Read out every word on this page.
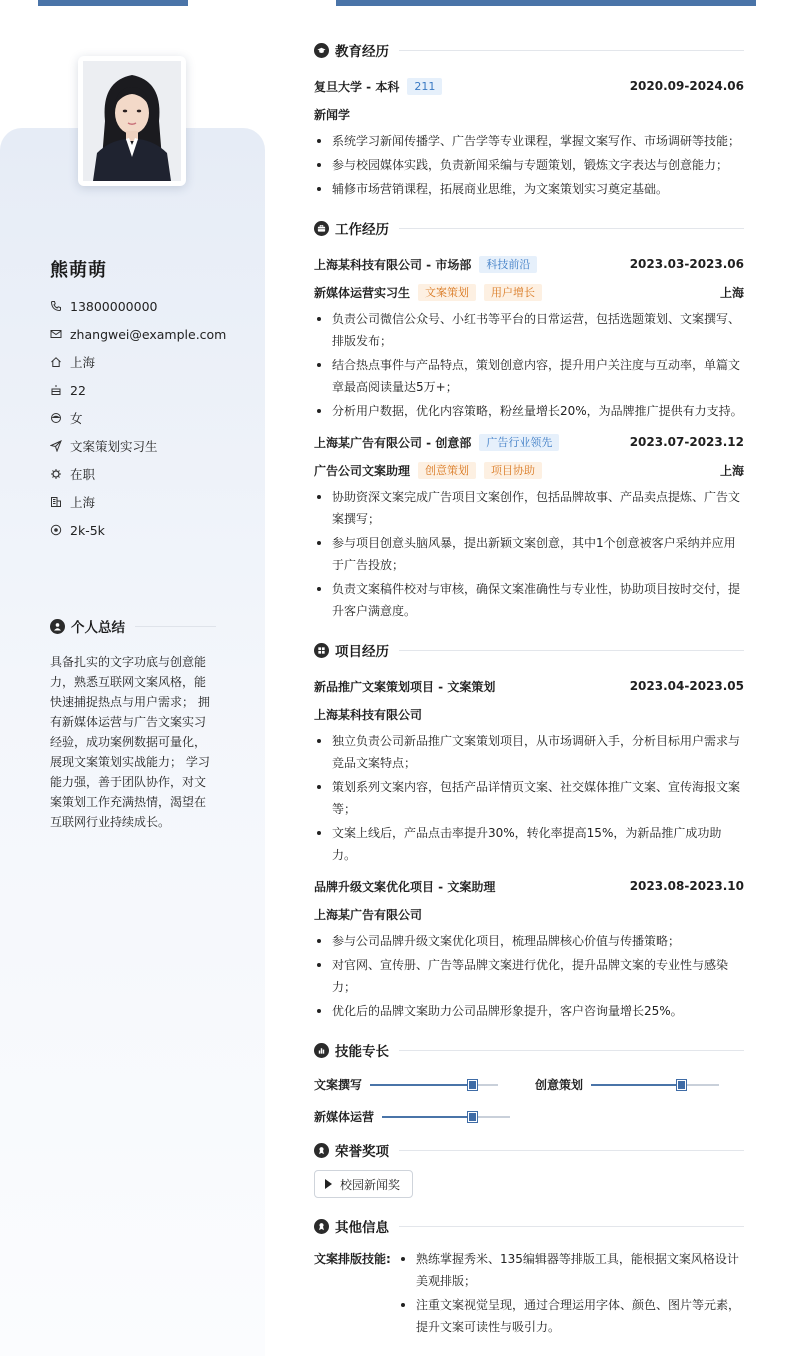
熊萌萌
13800000000
zhangwei@example.com
上海
22
女
文案策划实习生
在职
上海
2k-5k
个人总结
具备扎实的文字功底与创意能力，熟悉互联网文案风格，能快速捕捉热点与用户需求； 拥有新媒体运营与广告文案实习经验，成功案例数据可量化，展现文案策划实战能力； 学习能力强，善于团队协作，对文案策划工作充满热情，渴望在互联网行业持续成长。
教育经历
复旦大学 - 本科	211	2020.09-2024.06
新闻学
系统学习新闻传播学、广告学等专业课程，掌握文案写作、市场调研等技能；
参与校园媒体实践，负责新闻采编与专题策划，锻炼文字表达与创意能力；
辅修市场营销课程，拓展商业思维，为文案策划实习奠定基础。
工作经历
上海某科技有限公司 - 市场部	科技前沿	2023.03-2023.06
新媒体运营实习生	文案策划	用户增长	上海
负责公司微信公众号、小红书等平台的日常运营，包括选题策划、文案撰写、排版发布；
结合热点事件与产品特点，策划创意内容，提升用户关注度与互动率，单篇文章最高阅读量达5万+；
分析用户数据，优化内容策略，粉丝量增长20%，为品牌推广提供有力支持。
上海某广告有限公司 - 创意部	广告行业领先	2023.07-2023.12
广告公司文案助理	创意策划	项目协助	上海
协助资深文案完成广告项目文案创作，包括品牌故事、产品卖点提炼、广告文案撰写；
参与项目创意头脑风暴，提出新颖文案创意，其中1个创意被客户采纳并应用于广告投放；
负责文案稿件校对与审核，确保文案准确性与专业性，协助项目按时交付，提升客户满意度。
项目经历
新品推广文案策划项目 - 文案策划	2023.04-2023.05
上海某科技有限公司
独立负责公司新品推广文案策划项目，从市场调研入手，分析目标用户需求与竞品文案特点；
策划系列文案内容，包括产品详情页文案、社交媒体推广文案、宣传海报文案等；
文案上线后，产品点击率提升30%，转化率提高15%，为新品推广成功助力。
品牌升级文案优化项目 - 文案助理	2023.08-2023.10
上海某广告有限公司
参与公司品牌升级文案优化项目，梳理品牌核心价值与传播策略；
对官网、宣传册、广告等品牌文案进行优化，提升品牌文案的专业性与感染力；
优化后的品牌文案助力公司品牌形象提升，客户咨询量增长25%。
技能专长
文案撰写	创意策划
新媒体运营
荣誉奖项
校园新闻奖
其他信息
文案排版技能:	熟练掌握秀米、135编辑器等排版工具，能根据文案风格设计美观排版；
注重文案视觉呈现，通过合理运用字体、颜色、图片等元素，提升文案可读性与吸引力。
